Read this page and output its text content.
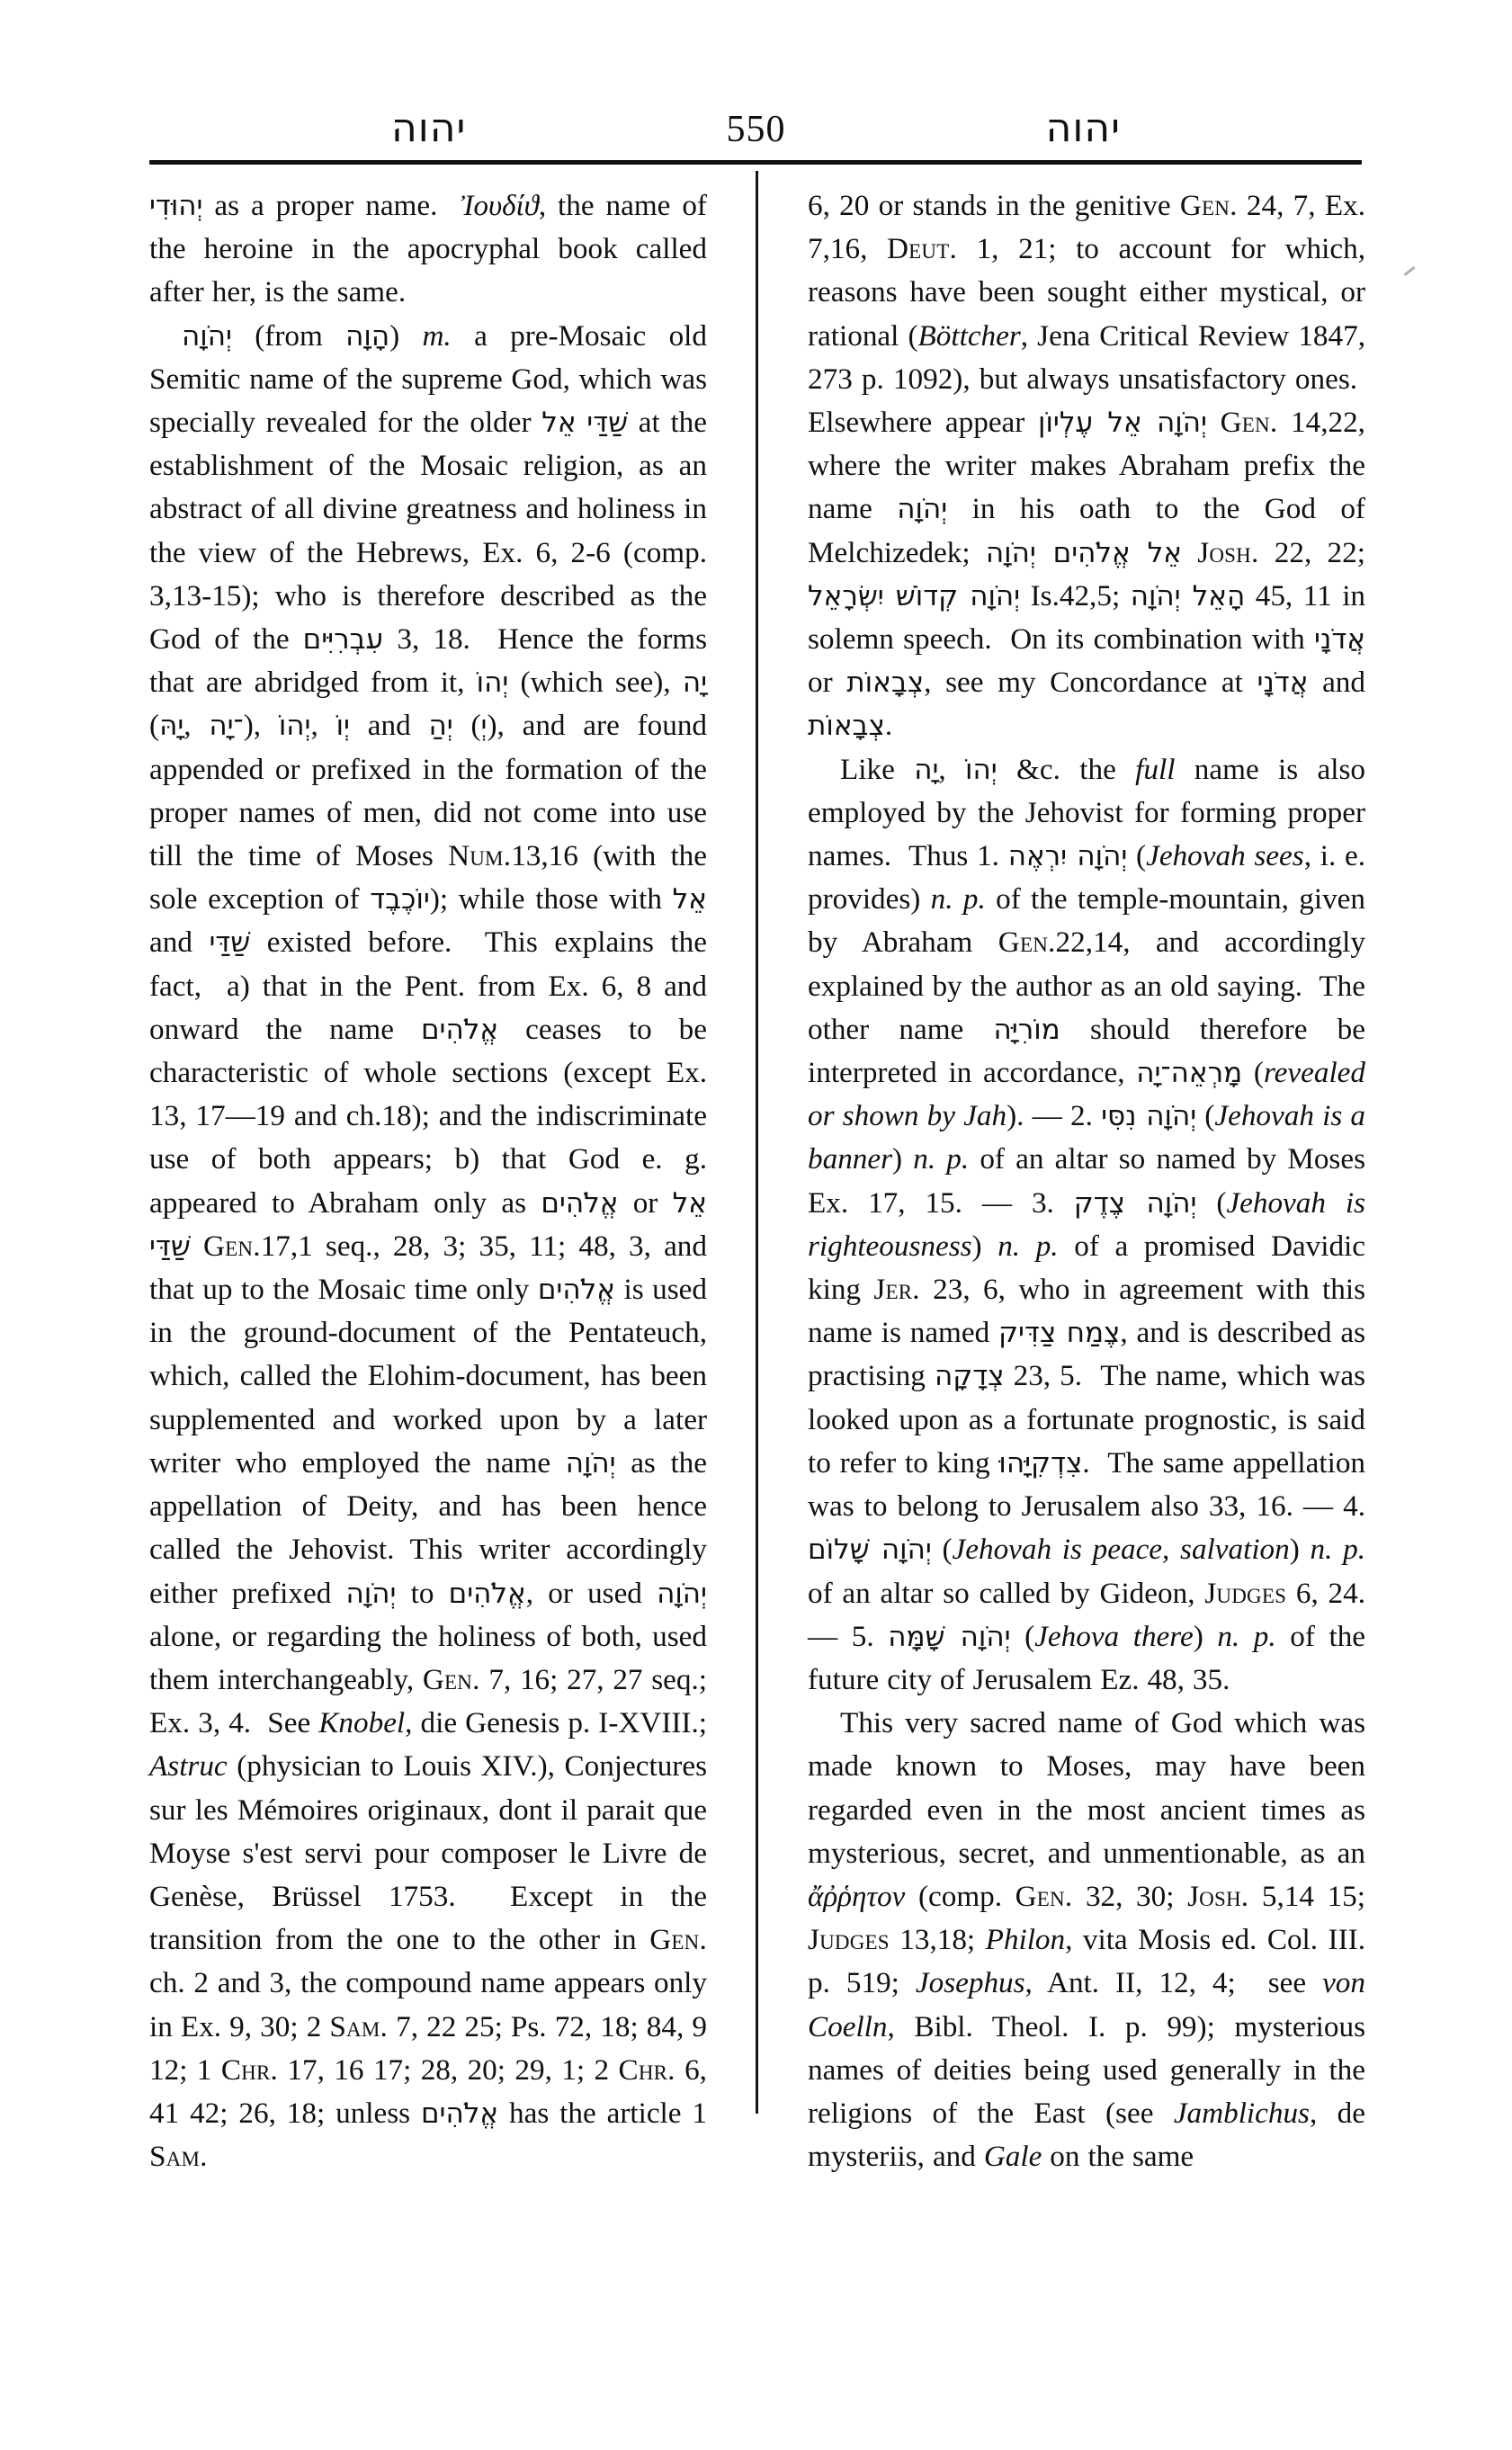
יהוה	550	יהוה

יְהוּדִי as a proper name.  Ἰουδίϑ, the name of the heroine in the apocryphal book called after her, is the same.

יְהֹוָה (from הָוָה) m. a pre-Mosaic old Semitic name of the supreme God, which was specially revealed for the older אֵל שַׁדַּי at the establishment of the Mosaic religion, as an abstract of all divine greatness and holiness in the view of the Hebrews, Ex. 6, 2-6 (comp. 3,13-15); who is therefore described as the God of the עִבְרִיִּים 3, 18.  Hence the forms that are abridged from it, יְהוֹ (which see), יָה (יָהּ, ־יָה), יְהוֹ, יְוֹ and יְהַ (יְ), and are found appended or prefixed in the formation of the proper names of men, did not come into use till the time of Moses Num.13,16 (with the sole exception of יוֹכֶבֶד); while those with אֵל and שַׁדַּי existed before.  This explains the fact,  a) that in the Pent. from Ex. 6, 8 and onward the name אֱלֹהִים ceases to be characteristic of whole sections (except Ex. 13, 17—19 and ch.18); and the indiscriminate use of both appears; b) that God e. g. appeared to Abraham only as אֱלֹהִים or אֵל שַׁדַּי Gen.17,1 seq., 28, 3; 35, 11; 48, 3, and that up to the Mosaic time only אֱלֹהִים is used in the ground-document of the Pentateuch, which, called the Elohim-document, has been supplemented and worked upon by a later writer who employed the name יְהֹוָה as the appellation of Deity, and has been hence called the Jehovist. This writer accordingly either prefixed יְהֹוָה to אֱלֹהִים, or used יְהֹוָה alone, or regarding the holiness of both, used them interchangeably, Gen. 7, 16; 27, 27 seq.; Ex. 3, 4.  See Knobel, die Genesis p. I-XVIII.; Astruc (physician to Louis XIV.), Conjectures sur les Mémoires originaux, dont il parait que Moyse s'est servi pour composer le Livre de Genèse, Brüssel 1753.  Except in the transition from the one to the other in Gen. ch. 2 and 3, the compound name appears only in Ex. 9, 30; 2 Sam. 7, 22 25; Ps. 72, 18; 84, 9 12; 1 Chr. 17, 16 17; 28, 20; 29, 1; 2 Chr. 6, 41 42; 26, 18; unless אֱלֹהִים has the article 1 Sam.

6, 20 or stands in the genitive Gen. 24, 7, Ex. 7,16, Deut. 1, 21; to account for which, reasons have been sought either mystical, or rational (Böttcher, Jena Critical Review 1847, 273 p. 1092), but always unsatisfactory ones.  Elsewhere appear יְהֹוָה אֵל עֶלְיוֹן Gen. 14,22, where the writer makes Abraham prefix the name יְהֹוָה in his oath to the God of Melchizedek; אֵל אֱלֹהִים יְהֹוָה Josh. 22, 22; יְהֹוָה קְדוֹשׁ יִשְׂרָאֵל Is.42,5; הָאֵל יְהֹוָה 45, 11 in solemn speech.  On its combination with אֲדֹנָי or צְבָאוֹת, see my Concordance at אֲדֹנָי and צְבָאוֹת.

Like יָה, יְהוֹ &c. the full name is also employed by the Jehovist for forming proper names.  Thus 1. יְהֹוָה יִרְאֶה (Jehovah sees, i. e. provides) n. p. of the temple-mountain, given by Abraham Gen.22,14, and accordingly explained by the author as an old saying.  The other name מוֹרִיָּה should therefore be interpreted in accordance, מָרְאֵה־יָה (revealed or shown by Jah). — 2. יְהֹוָה נִסִּי (Jehovah is a banner) n. p. of an altar so named by Moses Ex. 17, 15. — 3. יְהֹוָה צֶדֶק (Jehovah is righteousness) n. p. of a promised Davidic king Jer. 23, 6, who in agreement with this name is named צֶמַח צַדִּיק, and is described as practising צְדָקָה 23, 5.  The name, which was looked upon as a fortunate prognostic, is said to refer to king צִדְקִיָּהוּ.  The same appellation was to belong to Jerusalem also 33, 16. — 4. יְהֹוָה שָׁלוֹם (Jehovah is peace, salvation) n. p. of an altar so called by Gideon, Judges 6, 24. — 5. יְהֹוָה שָׁמָּה (Jehova there) n. p. of the future city of Jerusalem Ez. 48, 35.

This very sacred name of God which was made known to Moses, may have been regarded even in the most ancient times as mysterious, secret, and unmentionable, as an ἄῤῥητον (comp. Gen. 32, 30; Josh. 5,14 15; Judges 13,18; Philon, vita Mosis ed. Col. III. p. 519; Josephus, Ant. II, 12, 4;  see von Coelln, Bibl. Theol. I. p. 99); mysterious names of deities being used generally in the religions of the East (see Jamblichus, de mysteriis, and Gale on the same
